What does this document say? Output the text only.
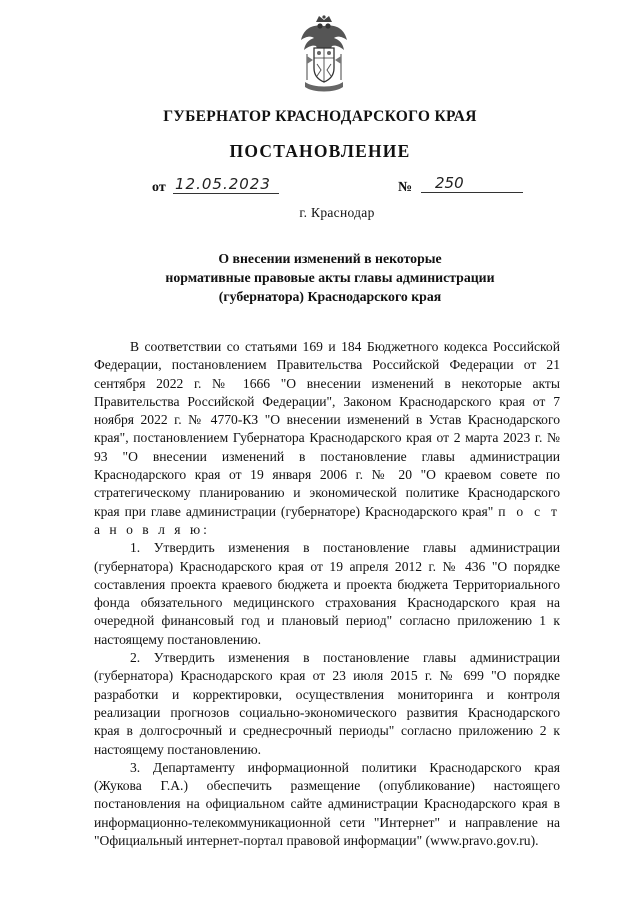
ГУБЕРНАТОР КРАСНОДАРСКОГО КРАЯ
ПОСТАНОВЛЕНИЕ
от 12.05.2023	№	250
г. Краснодар
О внесении изменений в некоторые
нормативные правовые акты главы администрации
(губернатора) Краснодарского края

В соответствии со статьями 169 и 184 Бюджетного кодекса Российской Федерации, постановлением Правительства Российской Федерации от 21 сентября 2022 г. № 1666 "О внесении изменений в некоторые акты Правительства Российской Федерации", Законом Краснодарского края от 7 ноября 2022 г. № 4770-КЗ "О внесении изменений в Устав Краснодарского края", постановлением Губернатора Краснодарского края от 2 марта 2023 г. № 93 "О внесении изменений в постановление главы администрации Краснодарского края от 19 января 2006 г. № 20 "О краевом совете по стратегическому планированию и экономической политике Краснодарского края при главе администрации (губернаторе) Краснодарского края" п о с т а н о в л я ю:

1. Утвердить изменения в постановление главы администрации (губернатора) Краснодарского края от 19 апреля 2012 г. № 436 "О порядке составления проекта краевого бюджета и проекта бюджета Территориального фонда обязательного медицинского страхования Краснодарского края на очередной финансовый год и плановый период" согласно приложению 1 к настоящему постановлению.

2. Утвердить изменения в постановление главы администрации (губернатора) Краснодарского края от 23 июля 2015 г. № 699 "О порядке разработки и корректировки, осуществления мониторинга и контроля реализации прогнозов социально-экономического развития Краснодарского края в долгосрочный и среднесрочный периоды" согласно приложению 2 к настоящему постановлению.

3. Департаменту информационной политики Краснодарского края (Жукова Г.А.) обеспечить размещение (опубликование) настоящего постановления на официальном сайте администрации Краснодарского края в информационно-телекоммуникационной сети "Интернет" и направление на "Официальный интернет-портал правовой информации" (www.pravo.gov.ru).
